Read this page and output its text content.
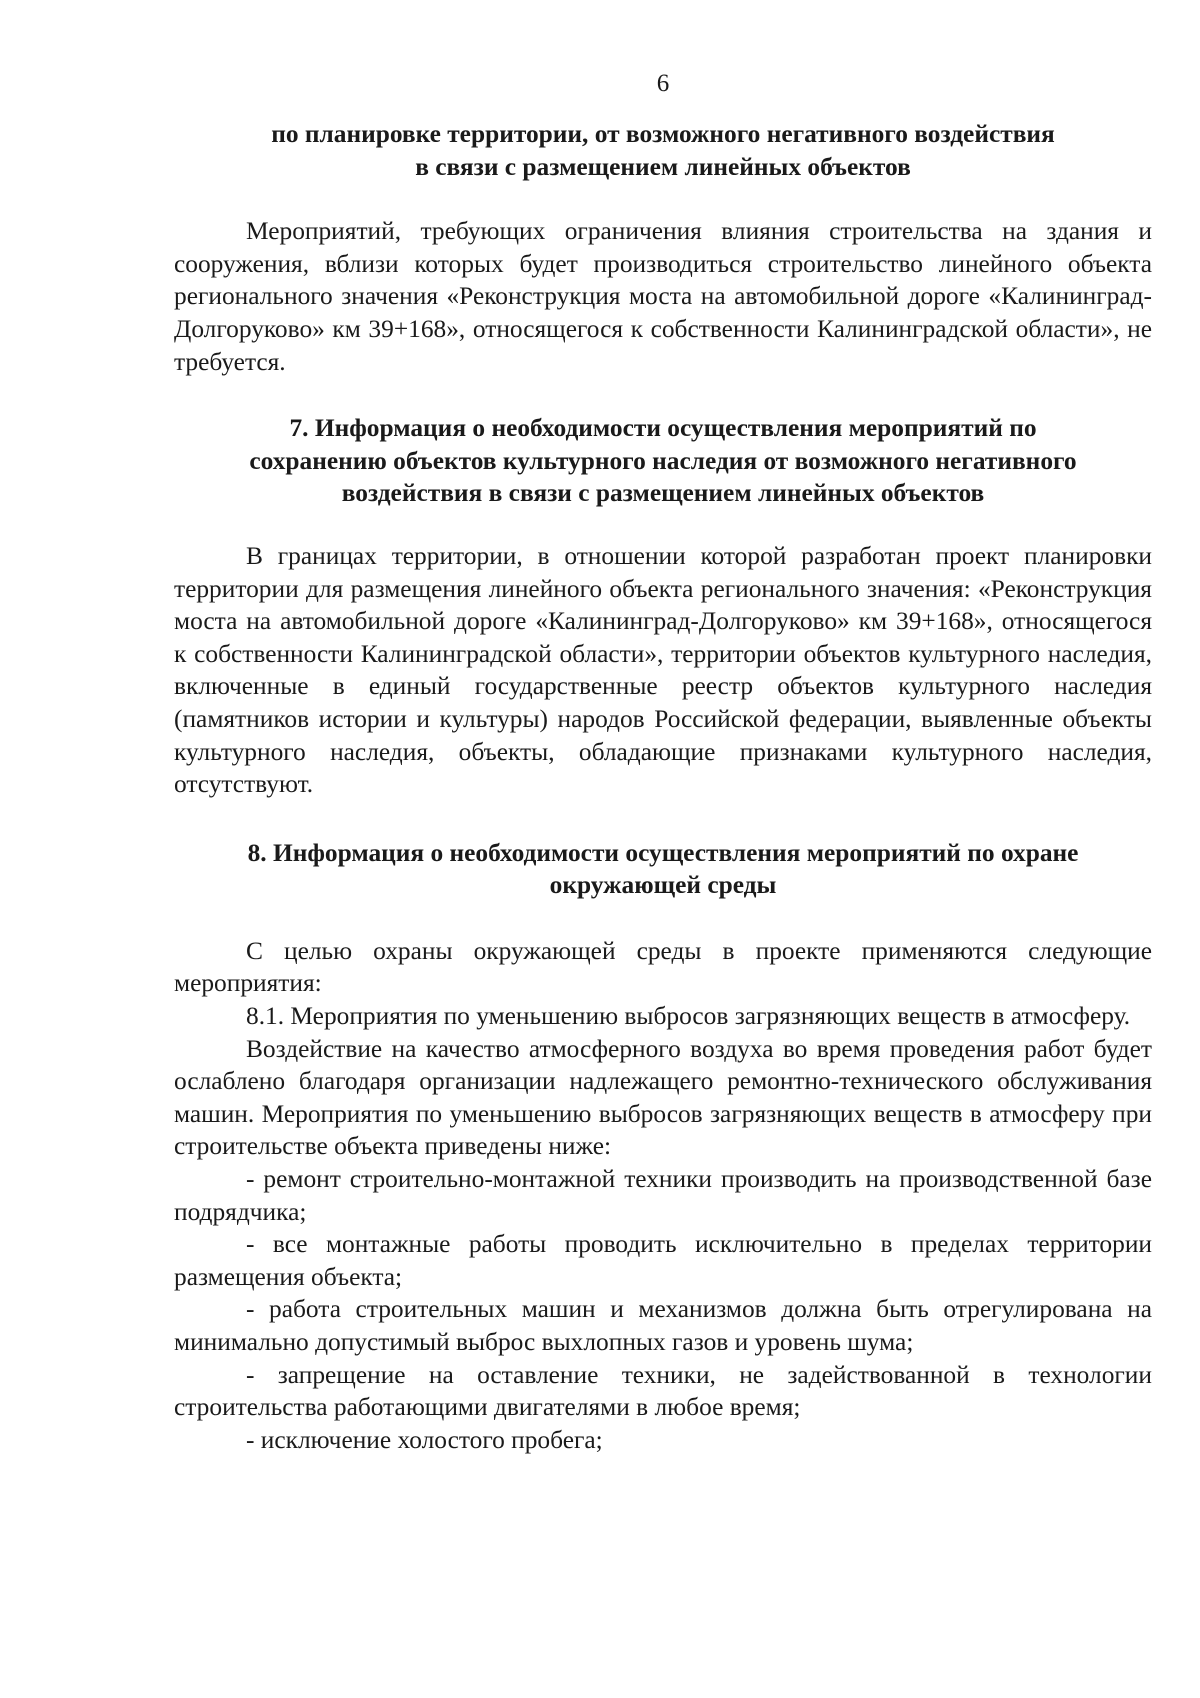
6
по планировке территории, от возможного негативного воздействия
в связи с размещением линейных объектов

Мероприятий, требующих ограничения влияния строительства на здания и сооружения, вблизи которых будет производиться строительство линейного объекта регионального значения «Реконструкция моста на автомобильной дороге «Калининград-Долгоруково» км 39+168», относящегося к собственности Калининградской области», не требуется.

7. Информация о необходимости осуществления мероприятий по
сохранению объектов культурного наследия от возможного негативного
воздействия в связи с размещением линейных объектов

В границах территории, в отношении которой разработан проект планировки территории для размещения линейного объекта регионального значения: «Реконструкция моста на автомобильной дороге «Калининград-Долгоруково» км 39+168», относящегося к собственности Калининградской области», территории объектов культурного наследия, включенные в единый государственные реестр объектов культурного наследия (памятников истории и культуры) народов Российской федерации, выявленные объекты культурного наследия, объекты, обладающие признаками культурного наследия, отсутствуют.

8. Информация о необходимости осуществления мероприятий по охране
окружающей среды

С целью охраны окружающей среды в проекте применяются следующие мероприятия:

8.1. Мероприятия по уменьшению выбросов загрязняющих веществ в атмосферу.

Воздействие на качество атмосферного воздуха во время проведения работ будет ослаблено благодаря организации надлежащего ремонтно-технического обслуживания машин. Мероприятия по уменьшению выбросов загрязняющих веществ в атмосферу при строительстве объекта приведены ниже:

- ремонт строительно-монтажной техники производить на производственной базе подрядчика;

- все монтажные работы проводить исключительно в пределах территории размещения объекта;

- работа строительных машин и механизмов должна быть отрегулирована на минимально допустимый выброс выхлопных газов и уровень шума;

- запрещение на оставление техники, не задействованной в технологии строительства работающими двигателями в любое время;

- исключение холостого пробега;
